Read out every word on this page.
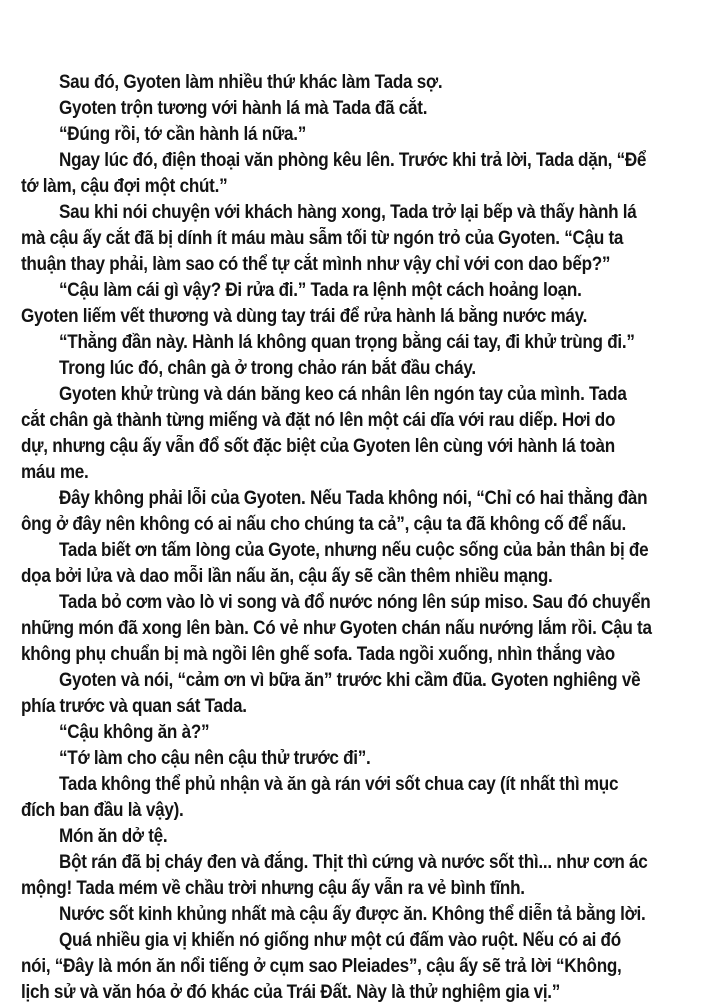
Sau đó, Gyoten làm nhiều thứ khác làm Tada sợ.
Gyoten trộn tương với hành lá mà Tada đã cắt.
“Đúng rồi, tớ cần hành lá nữa.”
Ngay lúc đó, điện thoại văn phòng kêu lên. Trước khi trả lời, Tada dặn, “Để
tớ làm, cậu đợi một chút.”
Sau khi nói chuyện với khách hàng xong, Tada trở lại bếp và thấy hành lá
mà cậu ấy cắt đã bị dính ít máu màu sẫm tối từ ngón trỏ của Gyoten. “Cậu ta
thuận thay phải, làm sao có thể tự cắt mình như vậy chỉ với con dao bếp?”
“Cậu làm cái gì vậy? Đi rửa đi.” Tada ra lệnh một cách hoảng loạn.
Gyoten liếm vết thương và dùng tay trái để rửa hành lá bằng nước máy.
“Thằng đần này. Hành lá không quan trọng bằng cái tay, đi khử trùng đi.”
Trong lúc đó, chân gà ở trong chảo rán bắt đầu cháy.
Gyoten khử trùng và dán băng keo cá nhân lên ngón tay của mình. Tada
cắt chân gà thành từng miếng và đặt nó lên một cái dĩa với rau diếp. Hơi do
dự, nhưng cậu ấy vẫn đổ sốt đặc biệt của Gyoten lên cùng với hành lá toàn
máu me.
Đây không phải lỗi của Gyoten. Nếu Tada không nói, “Chỉ có hai thằng đàn
ông ở đây nên không có ai nấu cho chúng ta cả”, cậu ta đã không cố để nấu.
Tada biết ơn tấm lòng của Gyote, nhưng nếu cuộc sống của bản thân bị đe
dọa bởi lửa và dao mỗi lần nấu ăn, cậu ấy sẽ cần thêm nhiều mạng.
Tada bỏ cơm vào lò vi song và đổ nước nóng lên súp miso. Sau đó chuyển
những món đã xong lên bàn. Có vẻ như Gyoten chán nấu nướng lắm rồi. Cậu ta
không phụ chuẩn bị mà ngồi lên ghế sofa. Tada ngồi xuống, nhìn thẳng vào
Gyoten và nói, “cảm ơn vì bữa ăn” trước khi cầm đũa. Gyoten nghiêng về
phía trước và quan sát Tada.
“Cậu không ăn à?”
“Tớ làm cho cậu nên cậu thử trước đi”.
Tada không thể phủ nhận và ăn gà rán với sốt chua cay (ít nhất thì mục
đích ban đầu là vậy).
Món ăn dở tệ.
Bột rán đã bị cháy đen và đắng. Thịt thì cứng và nước sốt thì... như cơn ác
mộng! Tada mém về chầu trời nhưng cậu ấy vẫn ra vẻ bình tĩnh.
Nước sốt kinh khủng nhất mà cậu ấy được ăn. Không thể diễn tả bằng lời.
Quá nhiều gia vị khiến nó giống như một cú đấm vào ruột. Nếu có ai đó
nói, “Đây là món ăn nổi tiếng ở cụm sao Pleiades”, cậu ấy sẽ trả lời “Không,
lịch sử và văn hóa ở đó khác của Trái Đất. Này là thử nghiệm gia vị.”
